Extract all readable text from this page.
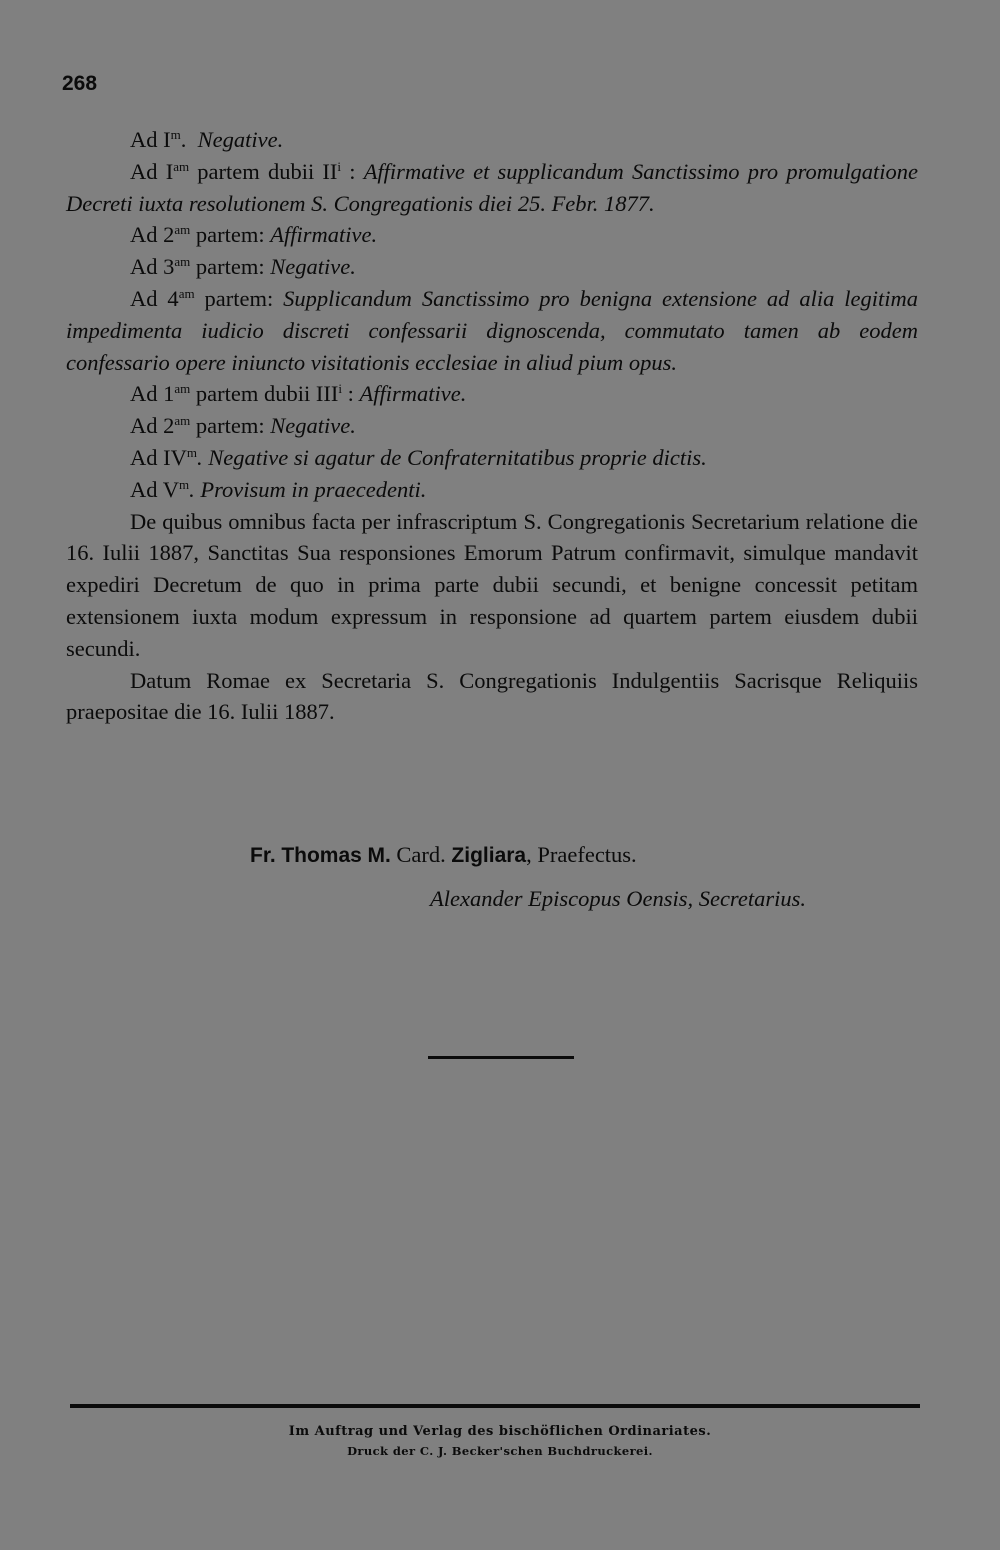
268

Ad $I^m$.  Negative.

Ad $I^{am}$ partem dubii $II^i$ : Affirmative et supplicandum Sanctissimo pro promulgatione Decreti iuxta resolutionem S. Congregationis diei 25. Febr. 1877.

Ad $2^{am}$ partem: Affirmative.

Ad $3^{am}$ partem: Negative.

Ad $4^{am}$ partem: Supplicandum Sanctissimo pro benigna extensione ad alia legitima impedimenta iudicio discreti confessarii dignoscenda, commutato tamen ab eodem confessario opere iniuncto visitationis ecclesiae in aliud pium opus.

Ad $1^{am}$ partem dubii III$^i$ : Affirmative.

Ad $2^{am}$ partem: Negative.

Ad $IV^m$. Negative si agatur de Confraternitatibus proprie dictis.

Ad $V^m$. Provisum in praecedenti.

De quibus omnibus facta per infrascriptum S. Congregationis Secretarium relatione die 16. Iulii 1887, Sanctitas Sua responsiones Emorum Patrum confirmavit, simulque mandavit expediri Decretum de quo in prima parte dubii secundi, et benigne concessit petitam extensionem iuxta modum expressum in responsione ad quartem partem eiusdem dubii secundi.

Datum Romae ex Secretaria S. Congregationis Indulgentiis Sacrisque Reliquiis praepositae die 16. Iulii 1887.

Fr. Thomas M. Card. Zigliara, Praefectus.
Alexander Episcopus Oensis, Secretarius.
Im Auftrag und Verlag des bischöflichen Ordinariates.
Druck der C. J. Becker'schen Buchdruckerei.
